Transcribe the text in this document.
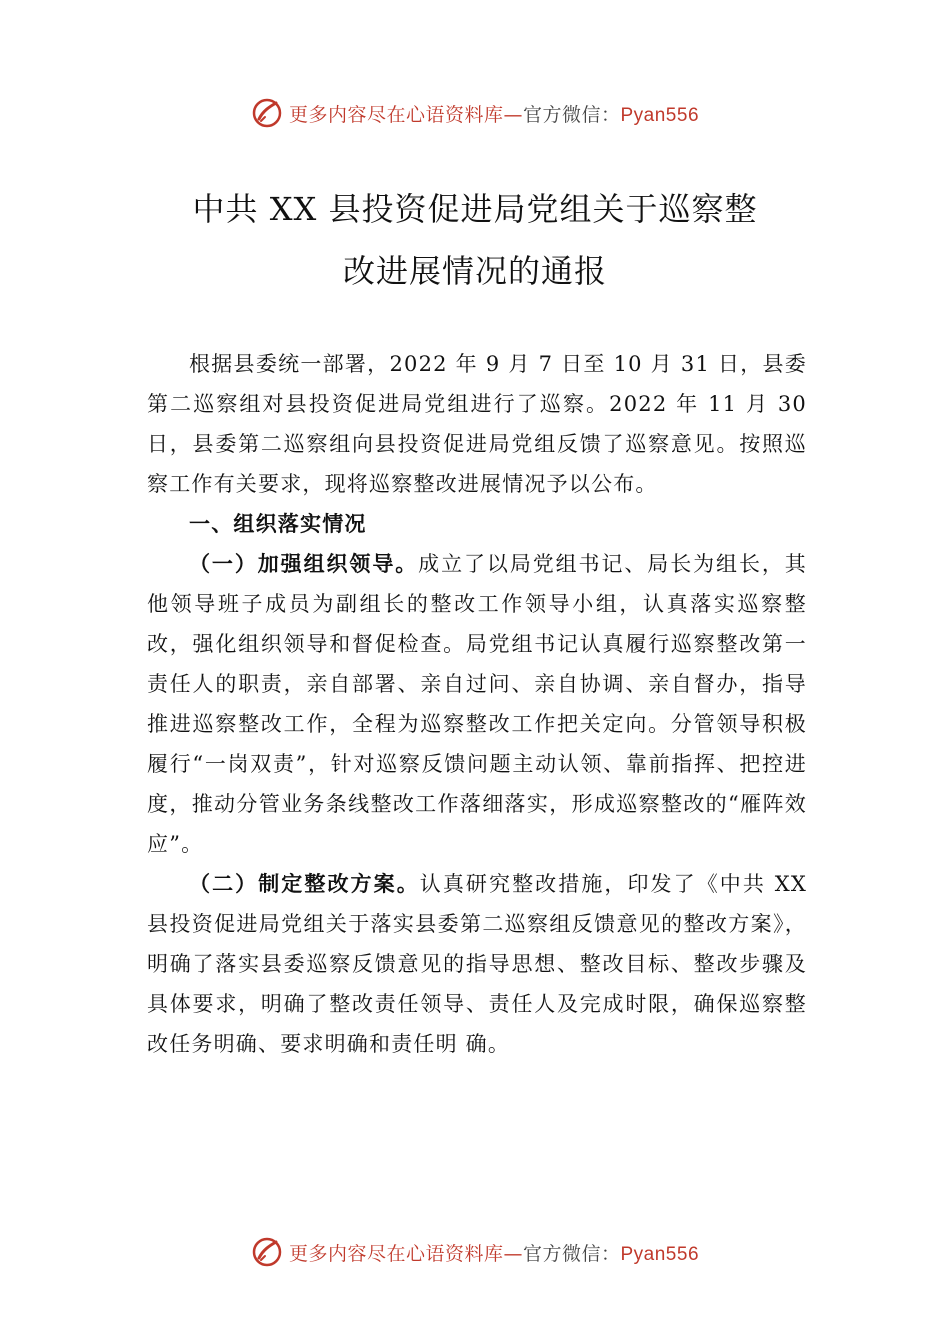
更多内容尽在心语资料库—官方微信：Pyan556
中共 XX 县投资促进局党组关于巡察整
改进展情况的通报

根据县委统一部署，2022 年 9 月 7 日至 10 月 31 日，县委第二巡察组对县投资促进局党组进行了巡察。2022 年 11 月 30 日，县委第二巡察组向县投资促进局党组反馈了巡察意见。按照巡察工作有关要求，现将巡察整改进展情况予以公布。

一、组织落实情况

（一）加强组织领导。成立了以局党组书记、局长为组长，其他领导班子成员为副组长的整改工作领导小组，认真落实巡察整改，强化组织领导和督促检查。局党组书记认真履行巡察整改第一责任人的职责，亲自部署、亲自过问、亲自协调、亲自督办，指导推进巡察整改工作，全程为巡察整改工作把关定向。分管领导积极履行“一岗双责”，针对巡察反馈问题主动认领、靠前指挥、把控进度，推动分管业务条线整改工作落细落实，形成巡察整改的“雁阵效应”。

（二）制定整改方案。认真研究整改措施，印发了《中共 XX 县投资促进局党组关于落实县委第二巡察组反馈意见的整改方案》，明确了落实县委巡察反馈意见的指导思想、整改目标、整改步骤及具体要求，明确了整改责任领导、责任人及完成时限，确保巡察整改任务明确、要求明确和责任明 确。

更多内容尽在心语资料库—官方微信：Pyan556
